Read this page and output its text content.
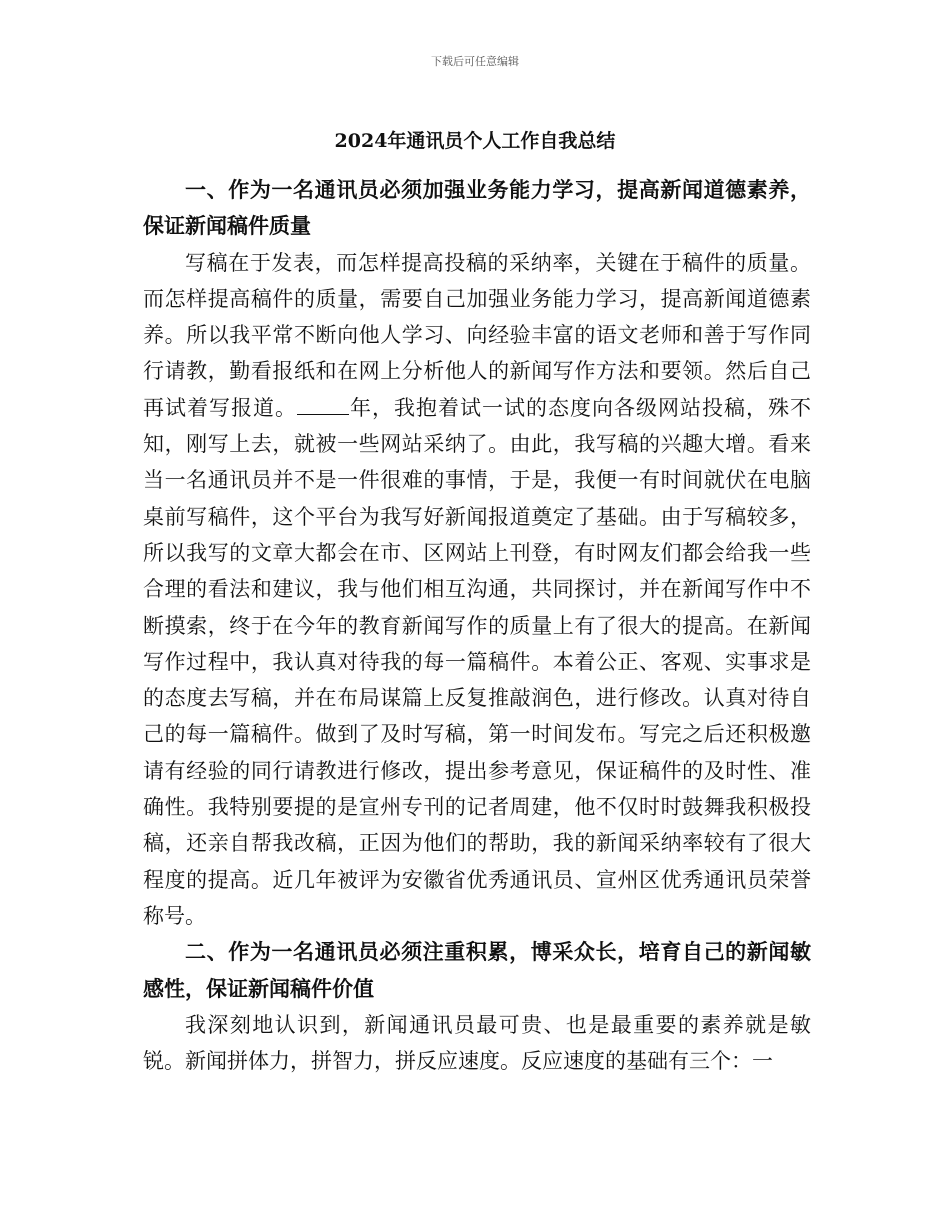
下载后可任意编辑
2024年通讯员个人工作自我总结

一、作为一名通讯员必须加强业务能力学习，提高新闻道德素养，保证新闻稿件质量

写稿在于发表，而怎样提高投稿的采纳率，关键在于稿件的质量。而怎样提高稿件的质量，需要自己加强业务能力学习，提高新闻道德素养。所以我平常不断向他人学习、向经验丰富的语文老师和善于写作同行请教，勤看报纸和在网上分析他人的新闻写作方法和要领。然后自己再试着写报道。 年，我抱着试一试的态度向各级网站投稿，殊不知，刚写上去，就被一些网站采纳了。由此，我写稿的兴趣大增。看来当一名通讯员并不是一件很难的事情，于是，我便一有时间就伏在电脑桌前写稿件，这个平台为我写好新闻报道奠定了基础。由于写稿较多，所以我写的文章大都会在市、区网站上刊登，有时网友们都会给我一些合理的看法和建议，我与他们相互沟通，共同探讨，并在新闻写作中不断摸索，终于在今年的教育新闻写作的质量上有了很大的提高。在新闻写作过程中，我认真对待我的每一篇稿件。本着公正、客观、实事求是的态度去写稿，并在布局谋篇上反复推敲润色，进行修改。认真对待自己的每一篇稿件。做到了及时写稿，第一时间发布。写完之后还积极邀请有经验的同行请教进行修改，提出参考意见，保证稿件的及时性、准确性。我特别要提的是宣州专刊的记者周建，他不仅时时鼓舞我积极投稿，还亲自帮我改稿，正因为他们的帮助，我的新闻采纳率较有了很大程度的提高。近几年被评为安徽省优秀通讯员、宣州区优秀通讯员荣誉称号。

二、作为一名通讯员必须注重积累，博采众长，培育自己的新闻敏感性，保证新闻稿件价值

我深刻地认识到，新闻通讯员最可贵、也是最重要的素养就是敏锐。新闻拼体力，拼智力，拼反应速度。反应速度的基础有三个：一
